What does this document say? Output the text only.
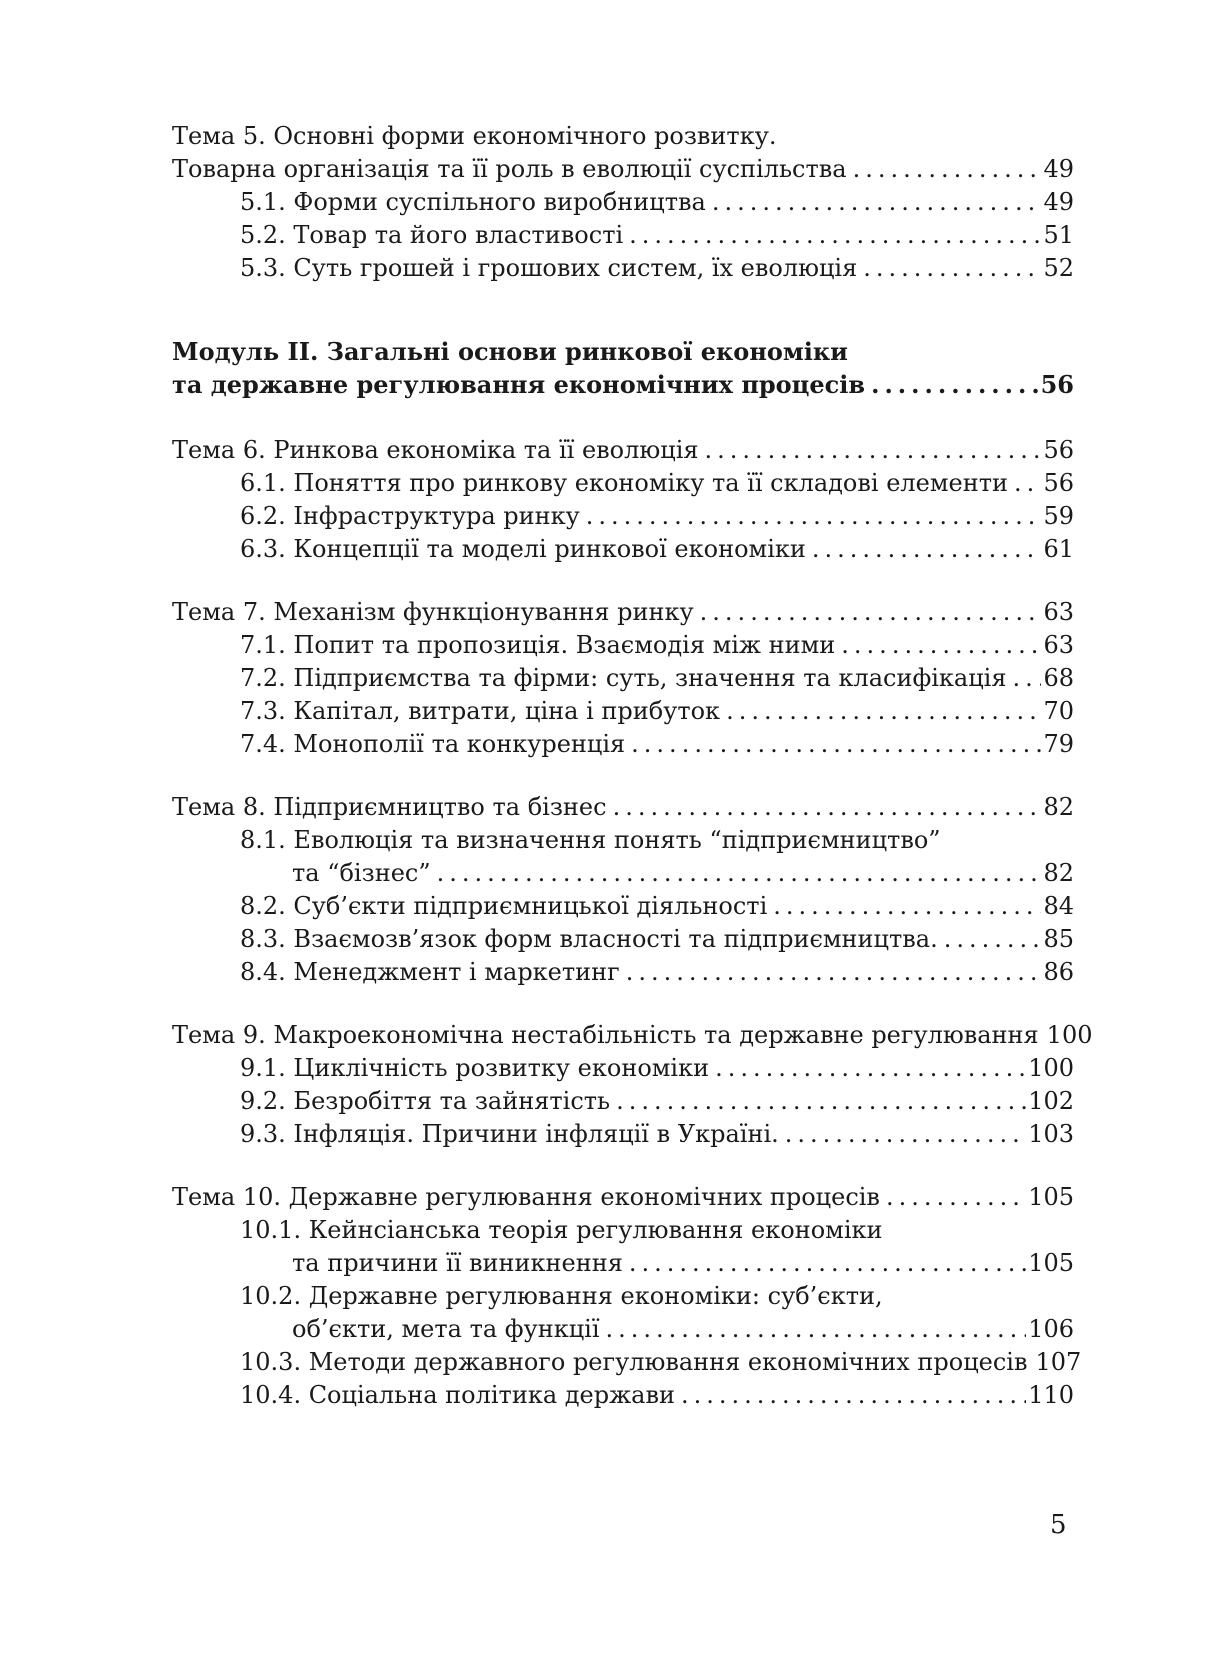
Тема 5. Основні форми економічного розвитку.
Товарна організація та її роль в еволюції суспільства .....	49
5.1. Форми суспільного виробництва .....	49
5.2. Товар та його властивості .....	51
5.3. Суть грошей і грошових систем, їх еволюція .....	52
Модуль ІІ. Загальні основи ринкової економіки
та державне регулювання економічних процесів .....	56
Тема 6. Ринкова економіка та її еволюція .....	56
6.1. Поняття про ринкову економіку та її складові елементи ..... 56
6.2. Інфраструктура ринку .....	59
6.3. Концепції та моделі ринкової економіки .....	61
Тема 7. Механізм функціонування ринку .....	63
7.1. Попит та пропозиція. Взаємодія між ними .....	63
7.2. Підприємства та фірми: суть, значення та класифікація ..... 68
7.3. Капітал, витрати, ціна і прибуток .....	70
7.4. Монополії та конкуренція .....	79
Тема 8. Підприємництво та бізнес .....	82
8.1. Еволюція та визначення понять “підприємництво”
та “бізнес” .....	82
8.2. Суб’єкти підприємницької діяльності .....	84
8.3. Взаємозв’язок форм власності та підприємництва. .....	85
8.4. Менеджмент і маркетинг .....	86
Тема 9. Макроекономічна нестабільність та державне регулювання 100
9.1. Циклічність розвитку економіки .....	100
9.2. Безробіття та зайнятість .....	102
9.3. Інфляція. Причини інфляції в Україні. .....	103
Тема 10. Державне регулювання економічних процесів .....	105
10.1. Кейнсіанська теорія регулювання економіки
та причини її виникнення .....	105
10.2. Державне регулювання економіки: суб’єкти,
об’єкти, мета та функції .....	106
10.3. Методи державного регулювання економічних процесів 107
10.4. Соціальна політика держави .....	110
5
